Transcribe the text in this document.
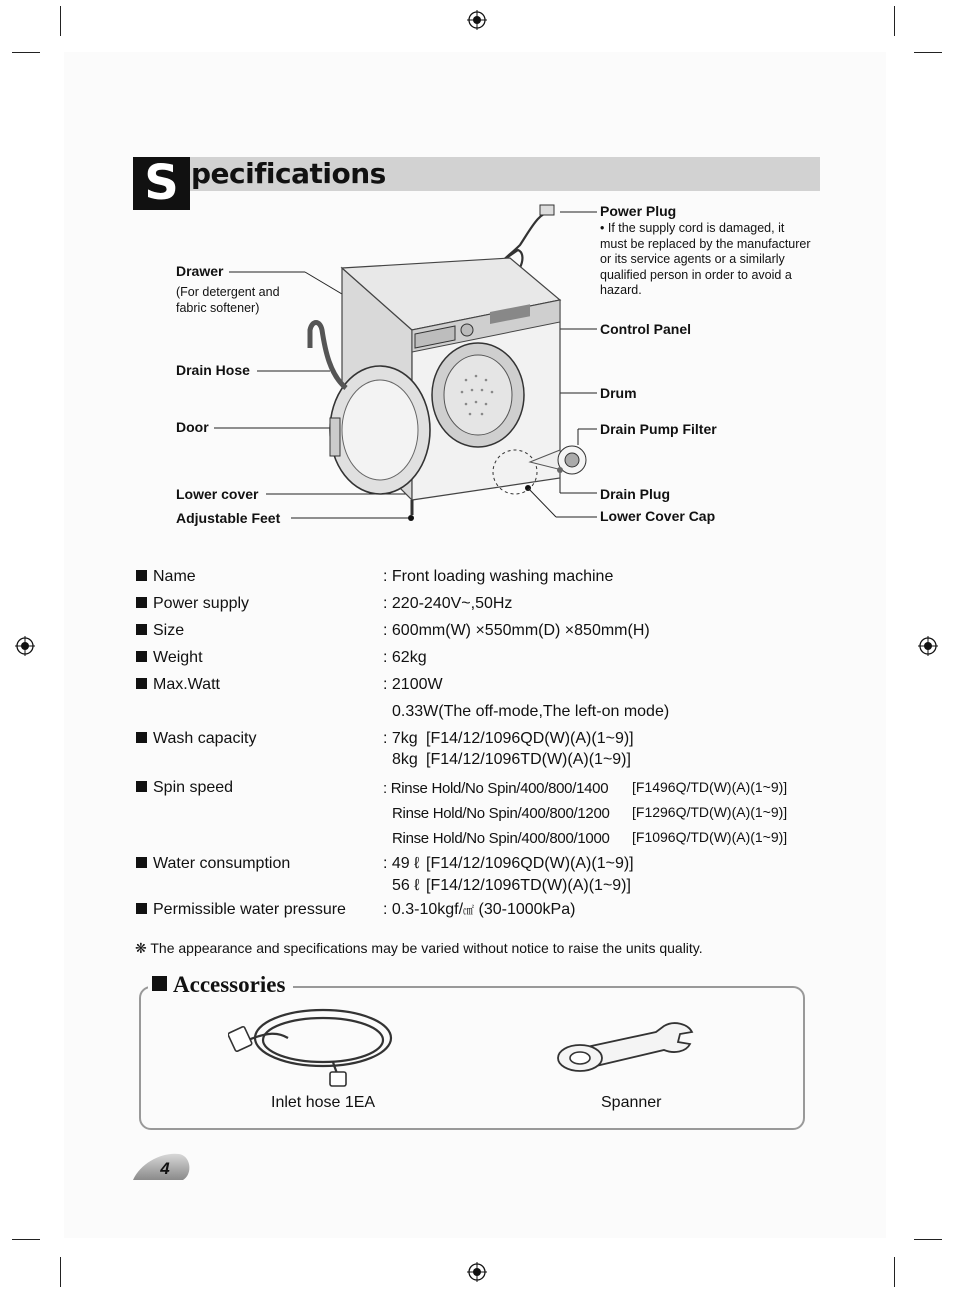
S pecifications
Drawer
(For detergent and fabric softener)
Drain Hose
Door
Lower cover
Adjustable Feet
Power Plug
• If the supply cord is damaged, it must be replaced by the manufacturer or its service agents or a similarly qualified person in order to avoid a hazard.
Control Panel
Drum
Drain Pump Filter
Drain Plug
Lower Cover Cap
Name	: Front loading washing machine
Power supply	: 220-240V~,50Hz
Size	: 600mm(W) ×550mm(D) ×850mm(H)
Weight	: 62kg
Max.Watt	: 2100W
0.33W(The off-mode,The left-on mode)
Wash capacity	: 7kg [F14/12/1096QD(W)(A)(1~9)]
8kg [F14/12/1096TD(W)(A)(1~9)]
Spin speed	: Rinse Hold/No Spin/400/800/1400 [F1496Q/TD(W)(A)(1~9)]
Rinse Hold/No Spin/400/800/1200 [F1296Q/TD(W)(A)(1~9)]
Rinse Hold/No Spin/400/800/1000 [F1096Q/TD(W)(A)(1~9)]
Water consumption	: 49 ℓ [F14/12/1096QD(W)(A)(1~9)]
56 ℓ [F14/12/1096TD(W)(A)(1~9)]
Permissible water pressure : 0.3-10kgf/㎠ (30-1000kPa)
❋ The appearance and specifications may be varied without notice to raise the units quality.
Accessories
Inlet hose 1EA	Spanner
4
